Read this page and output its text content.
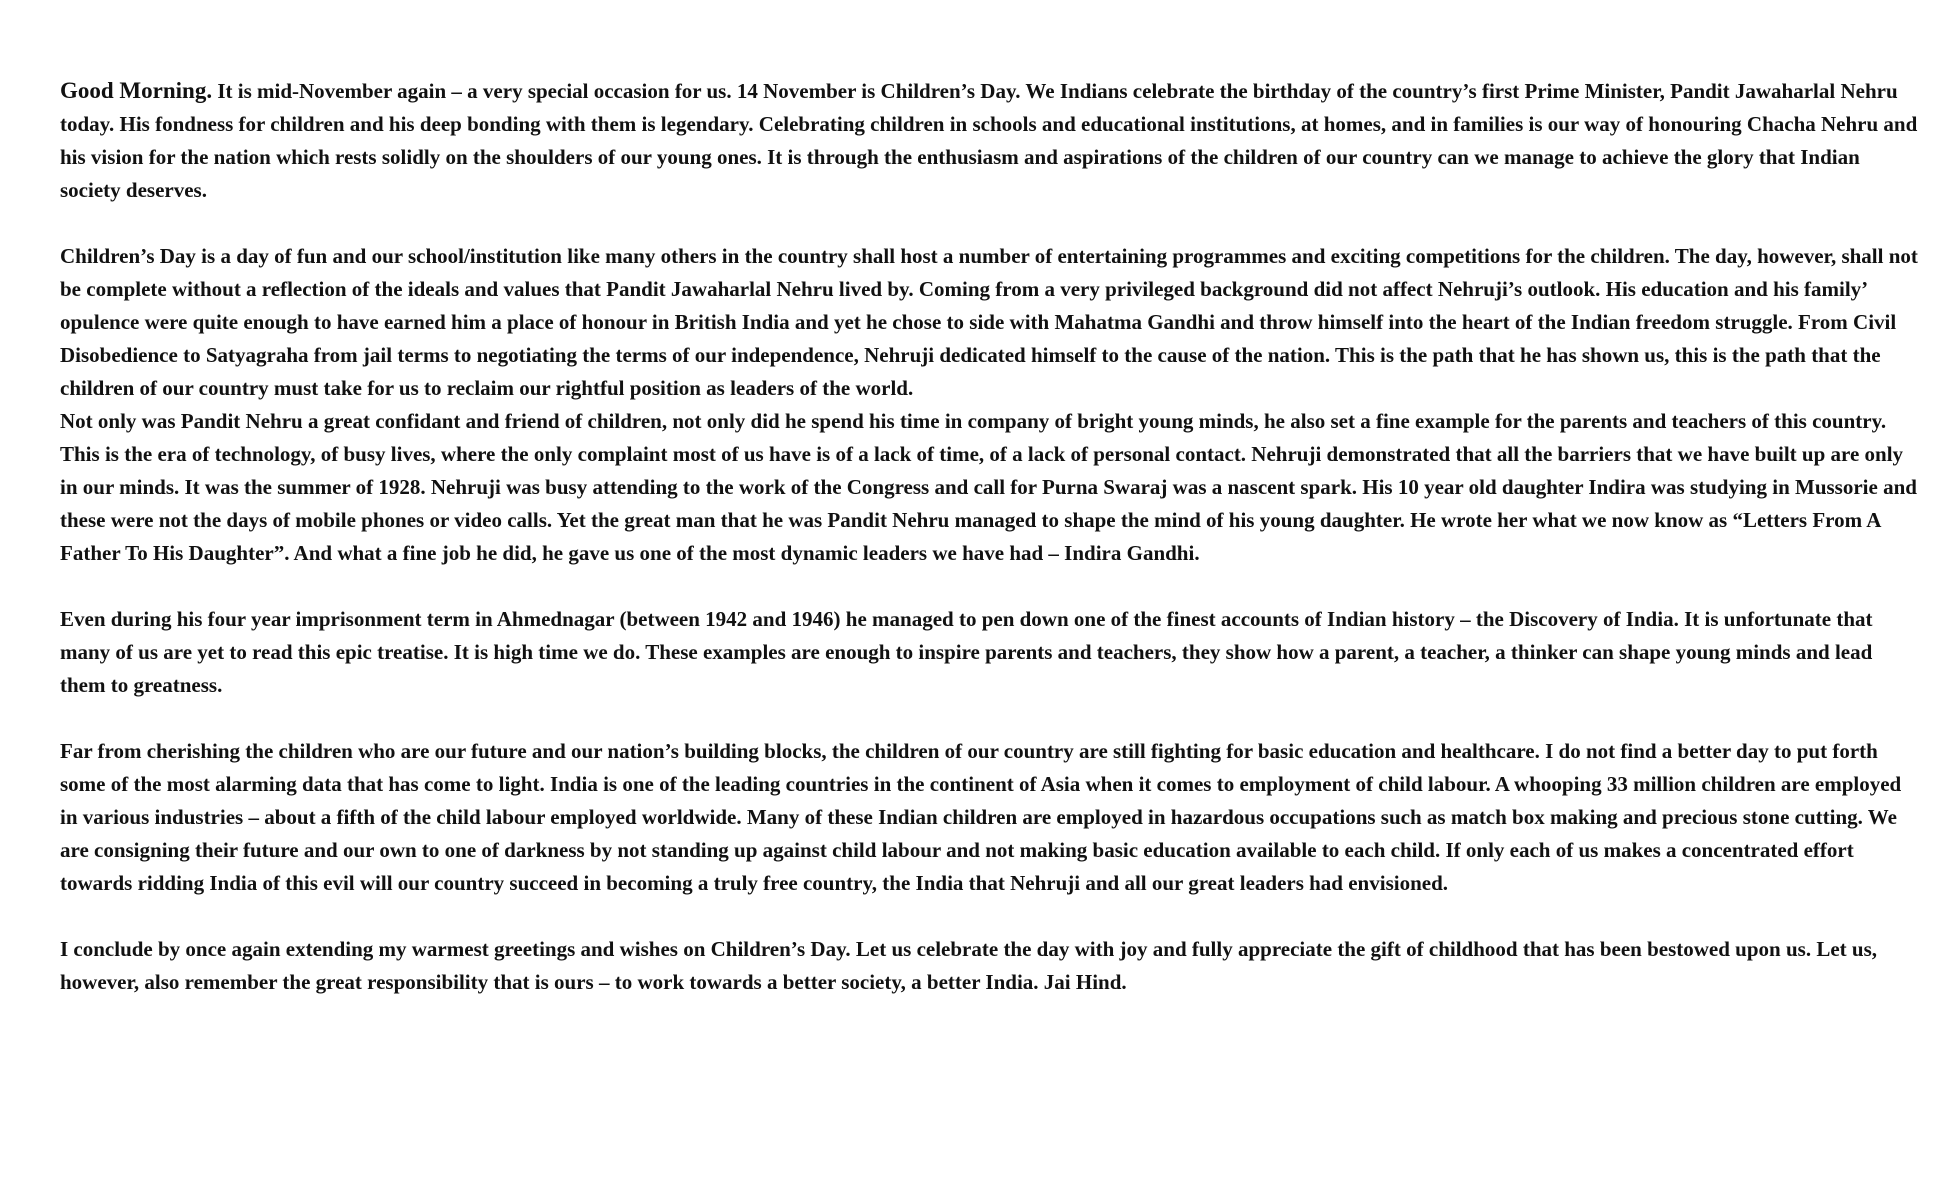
Good Morning. It is mid-November again – a very special occasion for us. 14 November is Children’s Day. We Indians celebrate the birthday of the country’s first Prime Minister, Pandit Jawaharlal Nehru today. His fondness for children and his deep bonding with them is legendary. Celebrating children in schools and educational institutions, at homes, and in families is our way of honouring Chacha Nehru and his vision for the nation which rests solidly on the shoulders of our young ones. It is through the enthusiasm and aspirations of the children of our country can we manage to achieve the glory that Indian society deserves.

Children’s Day is a day of fun and our school/institution like many others in the country shall host a number of entertaining programmes and exciting competitions for the children. The day, however, shall not be complete without a reflection of the ideals and values that Pandit Jawaharlal Nehru lived by. Coming from a very privileged background did not affect Nehruji’s outlook. His education and his family’ opulence were quite enough to have earned him a place of honour in British India and yet he chose to side with Mahatma Gandhi and throw himself into the heart of the Indian freedom struggle. From Civil Disobedience to Satyagraha from jail terms to negotiating the terms of our independence, Nehruji dedicated himself to the cause of the nation. This is the path that he has shown us, this is the path that the children of our country must take for us to reclaim our rightful position as leaders of the world.

Not only was Pandit Nehru a great confidant and friend of children, not only did he spend his time in company of bright young minds, he also set a fine example for the parents and teachers of this country. This is the era of technology, of busy lives, where the only complaint most of us have is of a lack of time, of a lack of personal contact. Nehruji demonstrated that all the barriers that we have built up are only in our minds. It was the summer of 1928. Nehruji was busy attending to the work of the Congress and call for Purna Swaraj was a nascent spark. His 10 year old daughter Indira was studying in Mussorie and these were not the days of mobile phones or video calls. Yet the great man that he was Pandit Nehru managed to shape the mind of his young daughter. He wrote her what we now know as “Letters From A Father To His Daughter”. And what a fine job he did, he gave us one of the most dynamic leaders we have had – Indira Gandhi.

Even during his four year imprisonment term in Ahmednagar (between 1942 and 1946) he managed to pen down one of the finest accounts of Indian history – the Discovery of India. It is unfortunate that many of us are yet to read this epic treatise. It is high time we do. These examples are enough to inspire parents and teachers, they show how a parent, a teacher, a thinker can shape young minds and lead them to greatness.

Far from cherishing the children who are our future and our nation’s building blocks, the children of our country are still fighting for basic education and healthcare. I do not find a better day to put forth some of the most alarming data that has come to light. India is one of the leading countries in the continent of Asia when it comes to employment of child labour. A whooping 33 million children are employed in various industries – about a fifth of the child labour employed worldwide. Many of these Indian children are employed in hazardous occupations such as match box making and precious stone cutting. We are consigning their future and our own to one of darkness by not standing up against child labour and not making basic education available to each child. If only each of us makes a concentrated effort towards ridding India of this evil will our country succeed in becoming a truly free country, the India that Nehruji and all our great leaders had envisioned.

I conclude by once again extending my warmest greetings and wishes on Children’s Day. Let us celebrate the day with joy and fully appreciate the gift of childhood that has been bestowed upon us. Let us, however, also remember the great responsibility that is ours – to work towards a better society, a better India. Jai Hind.
